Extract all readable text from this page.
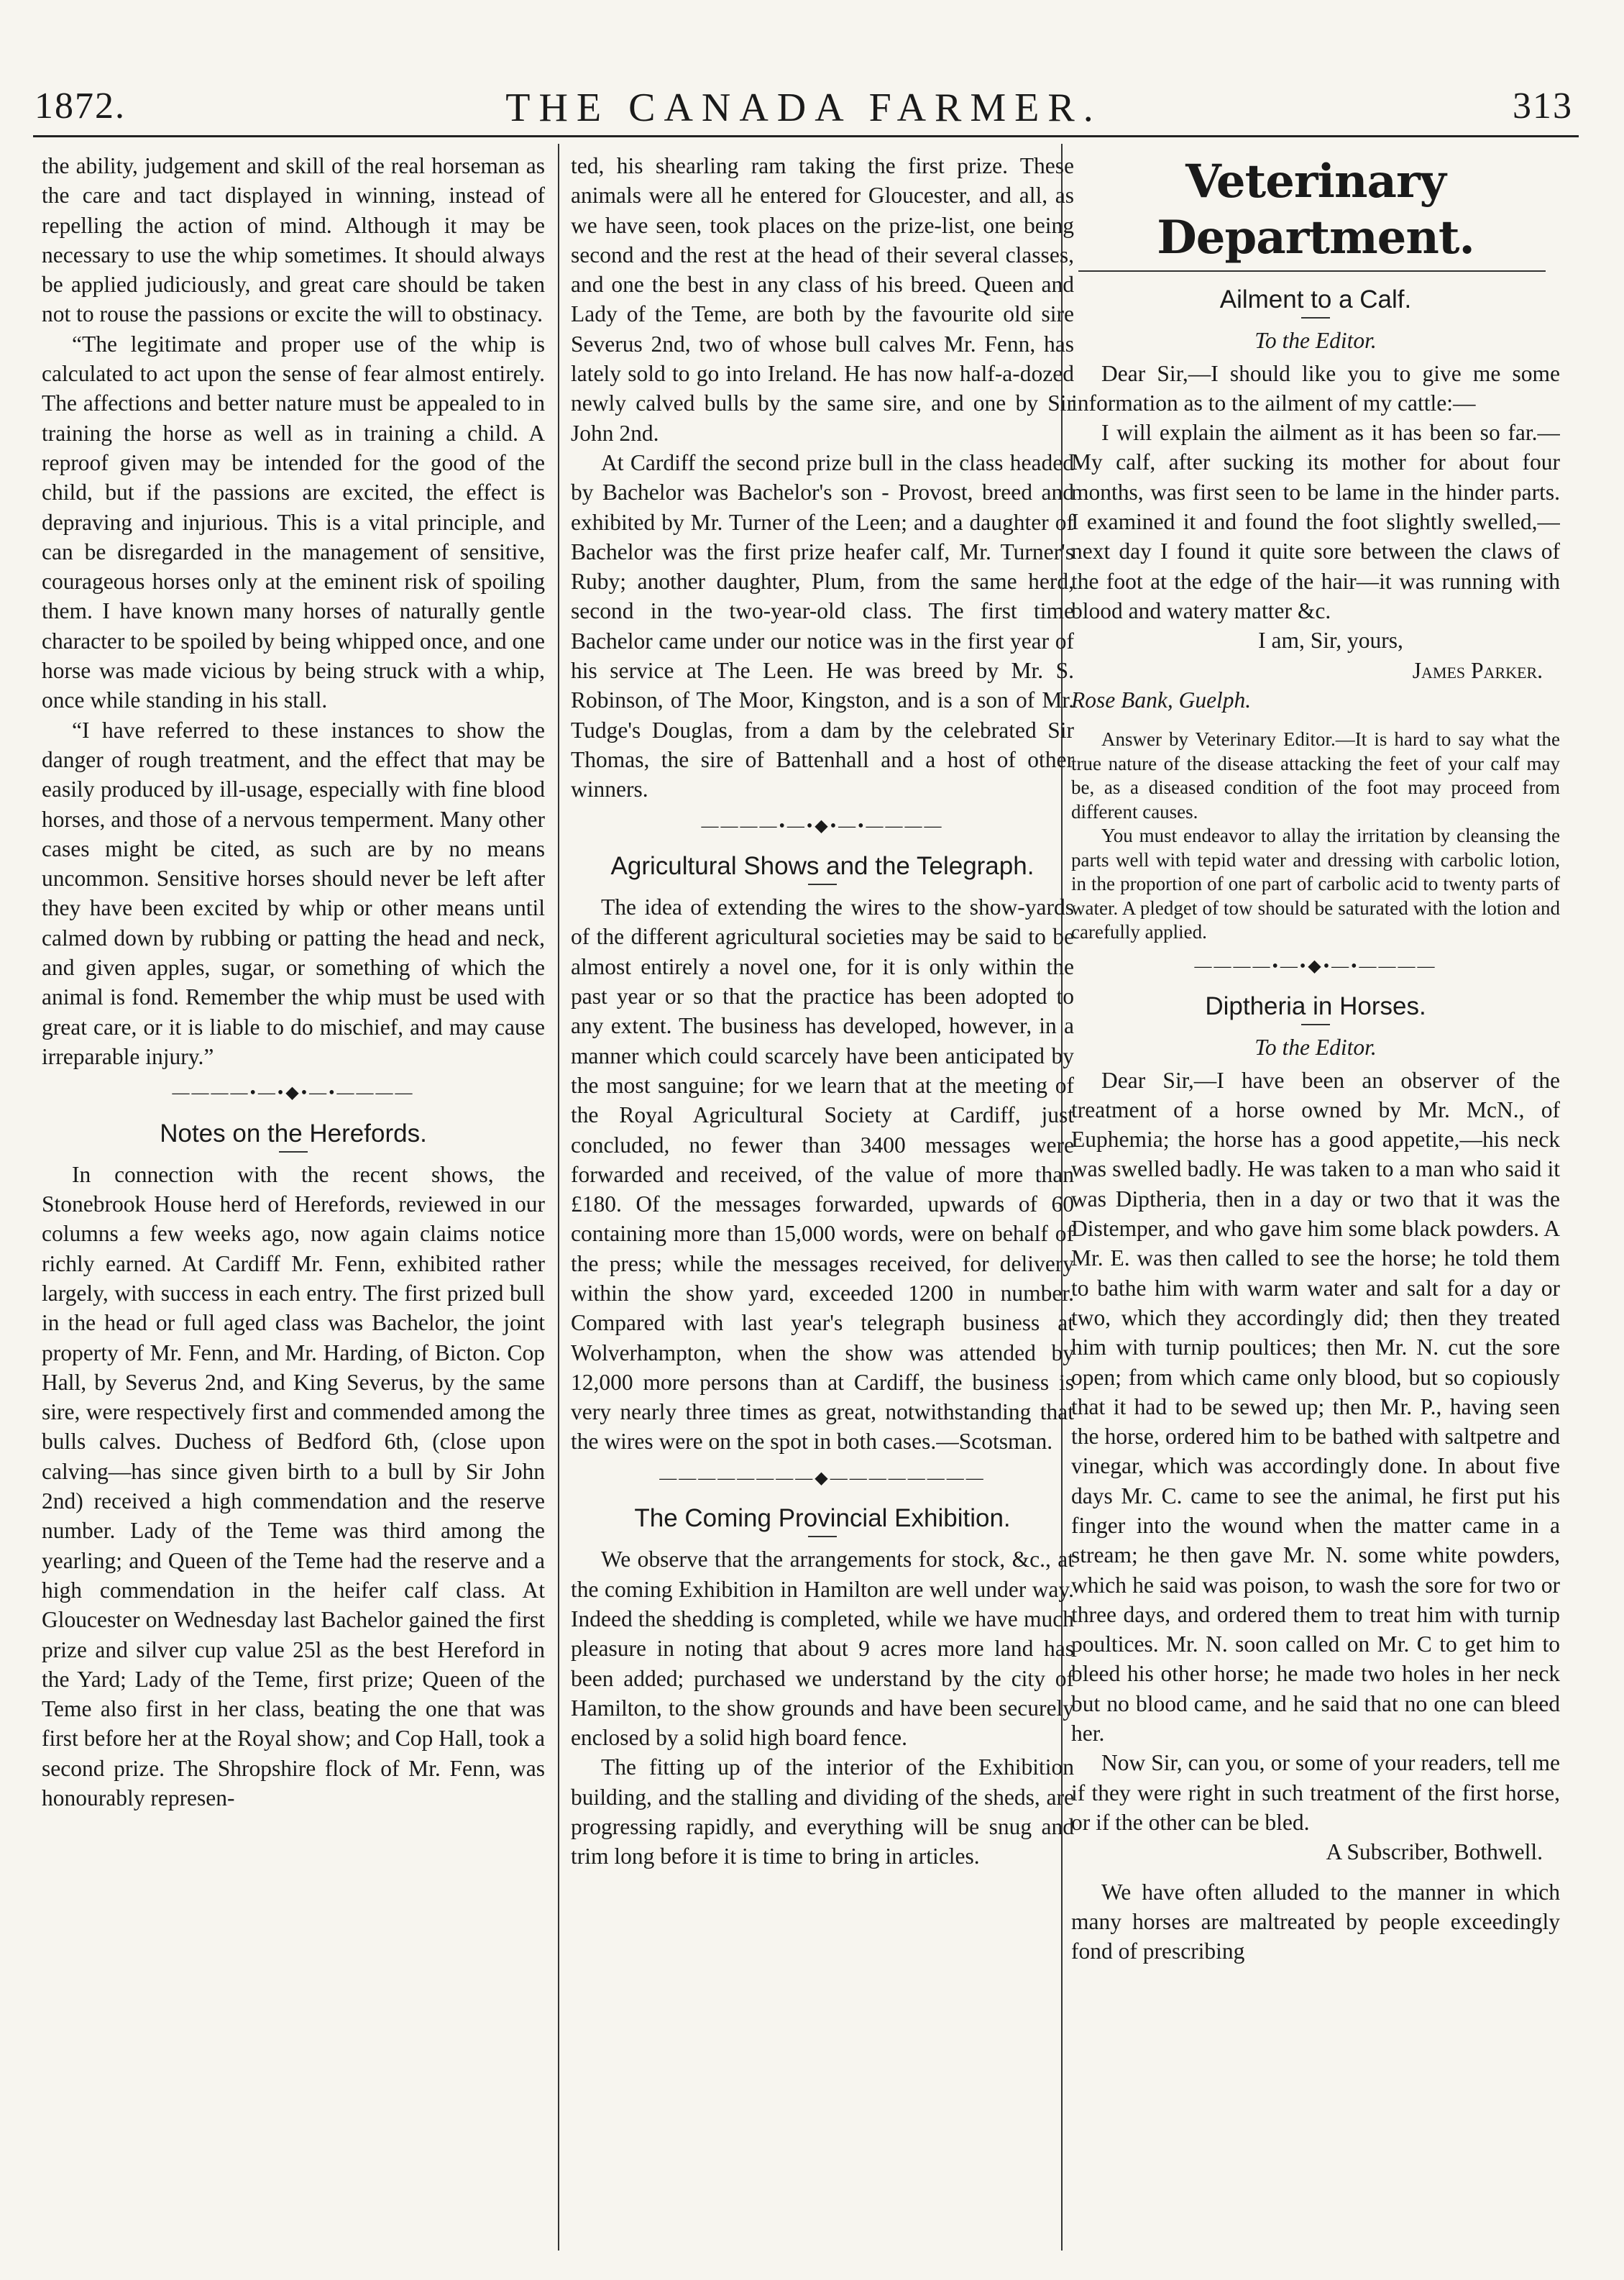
1872.	THE CANADA FARMER.	313

the ability, judgement and skill of the real horseman as the care and tact displayed in winning, instead of repelling the action of mind. Although it may be necessary to use the whip sometimes. It should always be applied judiciously, and great care should be taken not to rouse the passions or excite the will to obstinacy.

“The legitimate and proper use of the whip is calculated to act upon the sense of fear almost entirely. The affections and better nature must be appealed to in training the horse as well as in training a child. A reproof given may be intended for the good of the child, but if the passions are excited, the effect is depraving and injurious. This is a vital principle, and can be disregarded in the management of sensitive, courageous horses only at the eminent risk of spoiling them. I have known many horses of naturally gentle character to be spoiled by being whipped once, and one horse was made vicious by being struck with a whip, once while standing in his stall.

“I have referred to these instances to show the danger of rough treatment, and the effect that may be easily produced by ill-usage, especially with fine blood horses, and those of a nervous temperment. Many other cases might be cited, as such are by no means uncommon. Sensitive horses should never be left after they have been excited by whip or other means until calmed down by rubbing or patting the head and neck, and given apples, sugar, or something of which the animal is fond. Remember the whip must be used with great care, or it is liable to do mischief, and may cause irreparable injury.”

————•—•◆•—•————
Notes on the Herefords.

In connection with the recent shows, the Stonebrook House herd of Herefords, reviewed in our columns a few weeks ago, now again claims notice richly earned. At Cardiff Mr. Fenn, exhibited rather largely, with success in each entry. The first prized bull in the head or full aged class was Bachelor, the joint property of Mr. Fenn, and Mr. Harding, of Bicton. Cop Hall, by Severus 2nd, and King Severus, by the same sire, were respectively first and commended among the bulls calves. Duchess of Bedford 6th, (close upon calving—has since given birth to a bull by Sir John 2nd) received a high commendation and the reserve number. Lady of the Teme was third among the yearling; and Queen of the Teme had the reserve and a high commendation in the heifer calf class. At Gloucester on Wednesday last Bachelor gained the first prize and silver cup value 25l as the best Hereford in the Yard; Lady of the Teme, first prize; Queen of the Teme also first in her class, beating the one that was first before her at the Royal show; and Cop Hall, took a second prize. The Shropshire flock of Mr. Fenn, was honourably represen-

ted, his shearling ram taking the first prize. These animals were all he entered for Gloucester, and all, as we have seen, took places on the prize-list, one being second and the rest at the head of their several classes, and one the best in any class of his breed. Queen and Lady of the Teme, are both by the favourite old sire Severus 2nd, two of whose bull calves Mr. Fenn, has lately sold to go into Ireland. He has now half-a-dozed newly calved bulls by the same sire, and one by Sir John 2nd.

At Cardiff the second prize bull in the class headed by Bachelor was Bachelor's son - Provost, breed and exhibited by Mr. Turner of the Leen; and a daughter of Bachelor was the first prize heafer calf, Mr. Turner's Ruby; another daughter, Plum, from the same herd, second in the two-year-old class. The first time Bachelor came under our notice was in the first year of his service at The Leen. He was breed by Mr. S. Robinson, of The Moor, Kingston, and is a son of Mr. Tudge's Douglas, from a dam by the celebrated Sir Thomas, the sire of Battenhall and a host of other winners.

————•—•◆•—•————
Agricultural Shows and the Telegraph.

The idea of extending the wires to the show-yards of the different agricultural societies may be said to be almost entirely a novel one, for it is only within the past year or so that the practice has been adopted to any extent. The business has developed, however, in a manner which could scarcely have been anticipated by the most sanguine; for we learn that at the meeting of the Royal Agricultural Society at Cardiff, just concluded, no fewer than 3400 messages were forwarded and received, of the value of more than £180. Of the messages forwarded, upwards of 60 containing more than 15,000 words, were on behalf of the press; while the messages received, for delivery within the show yard, exceeded 1200 in number. Compared with last year's telegraph business at Wolverhampton, when the show was attended by 12,000 more persons than at Cardiff, the business is very nearly three times as great, notwithstanding that the wires were on the spot in both cases.—Scotsman.

————————◆————————
The Coming Provincial Exhibition.

We observe that the arrangements for stock, &c., at the coming Exhibition in Hamilton are well under way. Indeed the shedding is completed, while we have much pleasure in noting that about 9 acres more land has been added; purchased we understand by the city of Hamilton, to the show grounds and have been securely enclosed by a solid high board fence.

The fitting up of the interior of the Exhibition building, and the stalling and dividing of the sheds, are progressing rapidly, and everything will be snug and trim long before it is time to bring in articles.

Veterinary Department.
Ailment to a Calf.
To the Editor.

Dear Sir,—I should like you to give me some information as to the ailment of my cattle:—

I will explain the ailment as it has been so far.—My calf, after sucking its mother for about four months, was first seen to be lame in the hinder parts. I examined it and found the foot slightly swelled,—next day I found it quite sore between the claws of the foot at the edge of the hair—it was running with blood and watery matter &c.

I am, Sir, yours,

James Parker.

Rose Bank, Guelph.

Answer by Veterinary Editor.—It is hard to say what the true nature of the disease attacking the feet of your calf may be, as a diseased condition of the foot may proceed from different causes.

You must endeavor to allay the irritation by cleansing the parts well with tepid water and dressing with carbolic lotion, in the proportion of one part of carbolic acid to twenty parts of water. A pledget of tow should be saturated with the lotion and carefully applied.

————•—•◆•—•————
Diptheria in Horses.
To the Editor.

Dear Sir,—I have been an observer of the treatment of a horse owned by Mr. McN., of Euphemia; the horse has a good appetite,—his neck was swelled badly. He was taken to a man who said it was Diptheria, then in a day or two that it was the Distemper, and who gave him some black powders. A Mr. E. was then called to see the horse; he told them to bathe him with warm water and salt for a day or two, which they accordingly did; then they treated him with turnip poultices; then Mr. N. cut the sore open; from which came only blood, but so copiously that it had to be sewed up; then Mr. P., having seen the horse, ordered him to be bathed with saltpetre and vinegar, which was accordingly done. In about five days Mr. C. came to see the animal, he first put his finger into the wound when the matter came in a stream; he then gave Mr. N. some white powders, which he said was poison, to wash the sore for two or three days, and ordered them to treat him with turnip poultices. Mr. N. soon called on Mr. C to get him to bleed his other horse; he made two holes in her neck but no blood came, and he said that no one can bleed her.

Now Sir, can you, or some of your readers, tell me if they were right in such treatment of the first horse, or if the other can be bled.

A Subscriber, Bothwell.

We have often alluded to the manner in which many horses are maltreated by people exceedingly fond of prescribing
